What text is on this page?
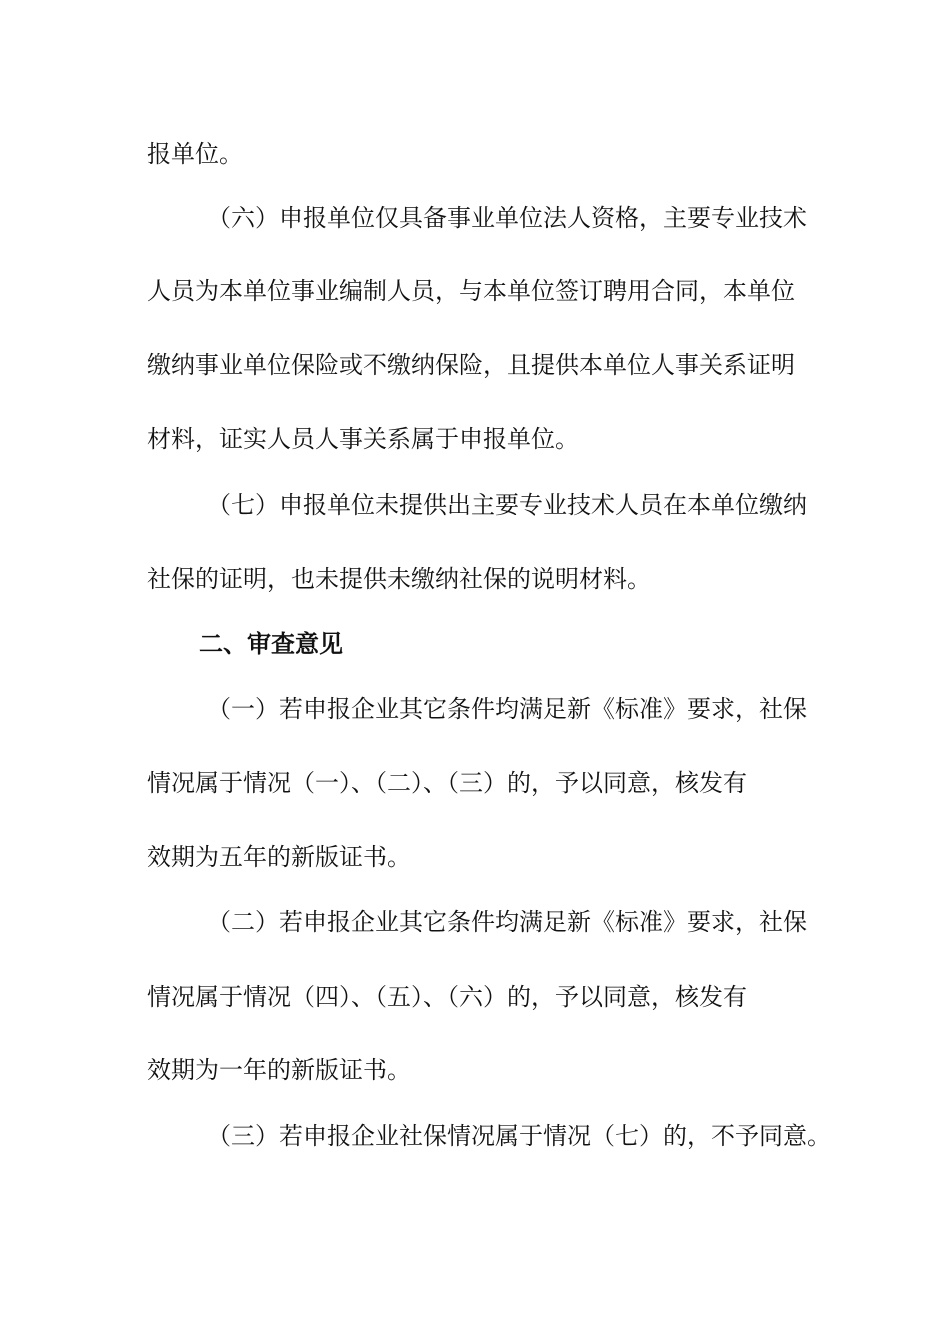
报单位。
（六）申报单位仅具备事业单位法人资格，主要专业技术
人员为本单位事业编制人员，与本单位签订聘用合同，本单位
缴纳事业单位保险或不缴纳保险，且提供本单位人事关系证明
材料，证实人员人事关系属于申报单位。
（七）申报单位未提供出主要专业技术人员在本单位缴纳
社保的证明，也未提供未缴纳社保的说明材料。
二、审查意见
（一）若申报企业其它条件均满足新《标准》要求，社保
情况属于情况（一）、（二）、（三）的，予以同意，核发有
效期为五年的新版证书。
（二）若申报企业其它条件均满足新《标准》要求，社保
情况属于情况（四）、（五）、（六）的，予以同意，核发有
效期为一年的新版证书。
（三）若申报企业社保情况属于情况（七）的，不予同意。
